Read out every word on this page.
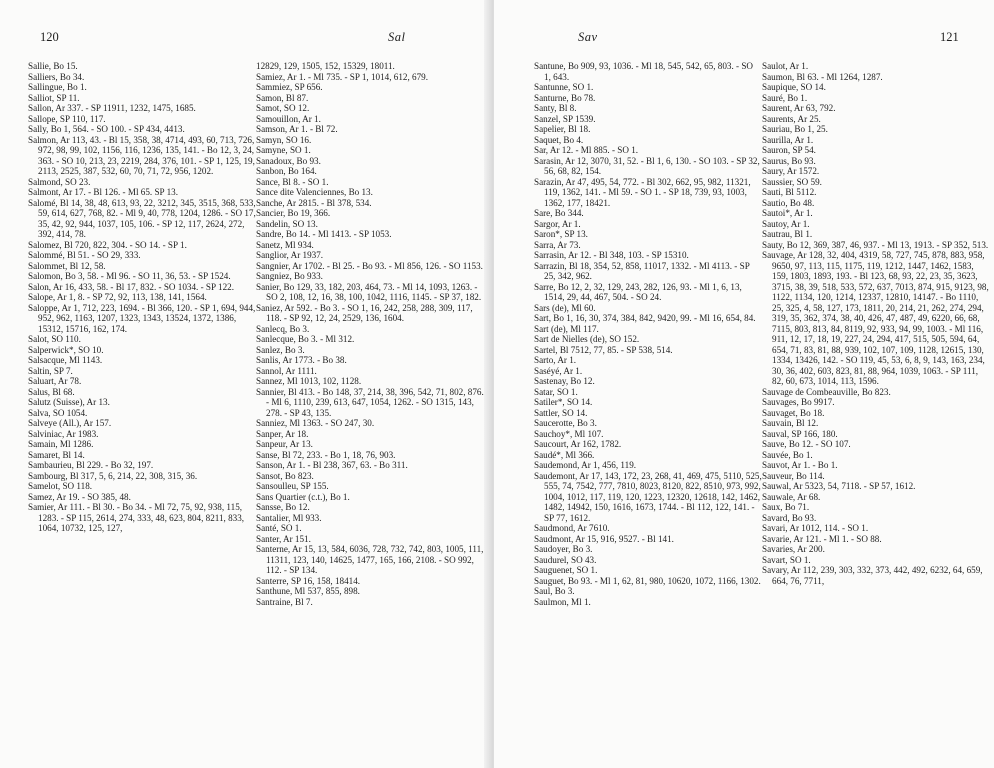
120	Sal
Sallie, Bo 15.
Salliers, Bo 34.
Sallingue, Bo 1.
Salliot, SP 11.
Sallon, Ar 337. - SP 11911, 1232, 1475, 1685.
Sallope, SP 110, 117.
Sally, Bo 1, 564. - SO 100. - SP 434, 4413.
Salmon, Ar 113, 43. - Bl 15, 358, 38, 4714, 493, 60, 713, 726, 972, 98, 99, 102, 1156, 116, 1236, 135, 141. - Bo 12, 3, 24, 363. - SO 10, 213, 23, 2219, 284, 376, 101. - SP 1, 125, 19, 2113, 2525, 387, 532, 60, 70, 71, 72, 956, 1202.
Salmond, SO 23.
Salmont, Ar 17. - Bl 126. - Ml 65. SP 13.
Salomé, Bl 14, 38, 48, 613, 93, 22, 3212, 345, 3515, 368, 533, 59, 614, 627, 768, 82. - Ml 9, 40, 778, 1204, 1286. - SO 17, 35, 42, 92, 944, 1037, 105, 106. - SP 12, 117, 2624, 272, 392, 414, 78.
Salomez, Bl 720, 822, 304. - SO 14. - SP 1.
Salommé, Bl 51. - SO 29, 333.
Salommet, Bl 12, 58.
Salomon, Bo 3, 58. - Ml 96. - SO 11, 36, 53. - SP 1524.
Salon, Ar 16, 433, 58. - Bl 17, 832. - SO 1034. - SP 122.
Salope, Ar 1, 8. - SP 72, 92, 113, 138, 141, 1564.
Saloppe, Ar 1, 712, 223, 1694. - Bl 366, 120. - SP 1, 694, 944, 952, 962, 1163, 1207, 1323, 1343, 13524, 1372, 1386, 15312, 15716, 162, 174.
Salot, SO 110.
Salperwick*, SO 10.
Salsacque, Ml 1143.
Saltin, SP 7.
Saluart, Ar 78.
Salus, Bl 68.
Salutz (Suisse), Ar 13.
Salva, SO 1054.
Salveye (All.), Ar 157.
Salviniac, Ar 1983.
Samain, Ml 1286.
Samaret, Bl 14.
Sambaurieu, Bl 229. - Bo 32, 197.
Sambourg, Bl 317, 5, 6, 214, 22, 308, 315, 36.
Samelot, SO 118.
Samez, Ar 19. - SO 385, 48.
Samier, Ar 111. - Bl 30. - Bo 34. - Ml 72, 75, 92, 938, 115, 1283. - SP 115, 2614, 274, 333, 48, 623, 804, 8211, 833, 1064, 10732, 125, 127,
12829, 129, 1505, 152, 15329, 18011.
Samiez, Ar 1. - Ml 735. - SP 1, 1014, 612, 679.
Sammiez, SP 656.
Samon, Bl 87.
Samot, SO 12.
Samouillon, Ar 1.
Samson, Ar 1. - Bl 72.
Samyn, SO 16.
Samyne, SO 1.
Sanadoux, Bo 93.
Sanbon, Bo 164.
Sance, Bl 8. - SO 1.
Sance dite Valenciennes, Bo 13.
Sanche, Ar 2815. - Bl 378, 534.
Sancier, Bo 19, 366.
Sandelin, SO 13.
Sandre, Bo 14. - Ml 1413. - SP 1053.
Sanetz, Ml 934.
Sanglior, Ar 1937.
Sangnier, Ar 1702. - Bl 25. - Bo 93. - Ml 856, 126. - SO 1153.
Sangniez, Bo 933.
Sanier, Bo 129, 33, 182, 203, 464, 73. - Ml 14, 1093, 1263. - SO 2, 108, 12, 16, 38, 100, 1042, 1116, 1145. - SP 37, 182.
Saniez, Ar 592. - Bo 3. - SO 1, 16, 242, 258, 288, 309, 117, 118. - SP 92, 12, 24, 2529, 136, 1604.
Sanlecq, Bo 3.
Sanlecque, Bo 3. - Ml 312.
Sanlez, Bo 3.
Sanlis, Ar 1773. - Bo 38.
Sannol, Ar 1111.
Sannez, Ml 1013, 102, 1128.
Sannier, Bl 413. - Bo 148, 37, 214, 38, 396, 542, 71, 802, 876. - Ml 6, 1110, 239, 613, 647, 1054, 1262. - SO 1315, 143, 278. - SP 43, 135.
Sanniez, Ml 1363. - SO 247, 30.
Sanper, Ar 18.
Sanpeur, Ar 13.
Sanse, Bl 72, 233. - Bo 1, 18, 76, 903.
Sanson, Ar 1. - Bl 238, 367, 63. - Bo 311.
Sansot, Bo 823.
Sansoulleu, SP 155.
Sans Quartier (c.t.), Bo 1.
Sansse, Bo 12.
Santalier, Ml 933.
Santé, SO 1.
Santer, Ar 151.
Santerne, Ar 15, 13, 584, 6036, 728, 732, 742, 803, 1005, 111, 11311, 123, 140, 14625, 1477, 165, 166, 2108. - SO 992, 112. - SP 134.
Santerre, SP 16, 158, 18414.
Santhune, Ml 537, 855, 898.
Santraine, Bl 7.
Sav	121
Santune, Bo 909, 93, 1036. - Ml 18, 545, 542, 65, 803. - SO 1, 643.
Santunne, SO 1.
Santurne, Bo 78.
Santy, Bl 8.
Sanzel, SP 1539.
Sapelier, Bl 18.
Saquet, Bo 4.
Sar, Ar 12. - Ml 885. - SO 1.
Sarasin, Ar 12, 3070, 31, 52. - Bl 1, 6, 130. - SO 103. - SP 32, 56, 68, 82, 154.
Sarazin, Ar 47, 495, 54, 772. - Bl 302, 662, 95, 982, 11321, 119, 1362, 141. - Ml 59. - SO 1. - SP 18, 739, 93, 1003, 1362, 177, 18421.
Sare, Bo 344.
Sargor, Ar 1.
Saron*, SP 13.
Sarra, Ar 73.
Sarrasin, Ar 12. - Bl 348, 103. - SP 15310.
Sarrazin, Bl 18, 354, 52, 858, 11017, 1332. - Ml 4113. - SP 25, 342, 962.
Sarre, Bo 12, 2, 32, 129, 243, 282, 126, 93. - Ml 1, 6, 13, 1514, 29, 44, 467, 504. - SO 24.
Sars (de), Ml 60.
Sart, Bo 1, 16, 30, 374, 384, 842, 9420, 99. - Ml 16, 654, 84.
Sart (de), Ml 117.
Sart de Nielles (de), SO 152.
Sartel, Bl 7512, 77, 85. - SP 538, 514.
Sarto, Ar 1.
Saséyé, Ar 1.
Sastenay, Bo 12.
Satar, SO 1.
Satiler*, SO 14.
Sattler, SO 14.
Saucerotte, Bo 3.
Sauchoy*, Ml 107.
Saucourt, Ar 162, 1782.
Saudé*, Ml 366.
Saudemond, Ar 1, 456, 119.
Saudemont, Ar 17, 143, 172, 23, 268, 41, 469, 475, 5110, 525, 555, 74, 7542, 777, 7810, 8023, 8120, 822, 8510, 973, 992, 1004, 1012, 117, 119, 120, 1223, 12320, 12618, 142, 1462, 1482, 14942, 150, 1616, 1673, 1744. - Bl 112, 122, 141. - SP 77, 1612.
Saudmond, Ar 7610.
Saudmont, Ar 15, 916, 9527. - Bl 141.
Saudoyer, Bo 3.
Saudurel, SO 43.
Sauguenet, SO 1.
Sauguet, Bo 93. - Ml 1, 62, 81, 980, 10620, 1072, 1166, 1302.
Saul, Bo 3.
Saulmon, Ml 1.
Saulot, Ar 1.
Saumon, Bl 63. - Ml 1264, 1287.
Saupique, SO 14.
Sauré, Bo 1.
Saurent, Ar 63, 792.
Saurents, Ar 25.
Sauriau, Bo 1, 25.
Saurilla, Ar 1.
Sauron, SP 54.
Saurus, Bo 93.
Saury, Ar 1572.
Saussier, SO 59.
Sauti, Bl 5112.
Sautio, Bo 48.
Sautoi*, Ar 1.
Sautoy, Ar 1.
Sautrau, Bl 1.
Sauty, Bo 12, 369, 387, 46, 937. - Ml 13, 1913. - SP 352, 513.
Sauvage, Ar 128, 32, 404, 4319, 58, 727, 745, 878, 883, 958, 9650, 97, 113, 115, 1175, 119, 1212, 1447, 1462, 1583, 159, 1803, 1893, 193. - Bl 123, 68, 93, 22, 23, 35, 3623, 3715, 38, 39, 518, 533, 572, 637, 7013, 874, 915, 9123, 98, 1122, 1134, 120, 1214, 12337, 12810, 14147. - Bo 1110, 25, 325, 4, 58, 127, 173, 1811, 20, 214, 21, 262, 274, 294, 319, 35, 362, 374, 38, 40, 426, 47, 487, 49, 6220, 66, 68, 7115, 803, 813, 84, 8119, 92, 933, 94, 99, 1003. - Ml 116, 911, 12, 17, 18, 19, 227, 24, 294, 417, 515, 505, 594, 64, 654, 71, 83, 81, 88, 939, 102, 107, 109, 1128, 12615, 130, 1334, 13426, 142. - SO 119, 45, 53, 6, 8, 9, 143, 163, 234, 30, 36, 402, 603, 823, 81, 88, 964, 1039, 1063. - SP 111, 82, 60, 673, 1014, 113, 1596.
Sauvage de Combeauville, Bo 823.
Sauvages, Bo 9917.
Sauvaget, Bo 18.
Sauvain, Bl 12.
Sauval, SP 166, 180.
Sauve, Bo 12. - SO 107.
Sauvée, Bo 1.
Sauvot, Ar 1. - Bo 1.
Sauveur, Bo 114.
Sauwal, Ar 5323, 54, 7118. - SP 57, 1612.
Sauwale, Ar 68.
Saux, Bo 71.
Savard, Bo 93.
Savari, Ar 1012, 114. - SO 1.
Savarie, Ar 121. - Ml 1. - SO 88.
Savaries, Ar 200.
Savart, SO 1.
Savary, Ar 112, 239, 303, 332, 373, 442, 492, 6232, 64, 659, 664, 76, 7711,
